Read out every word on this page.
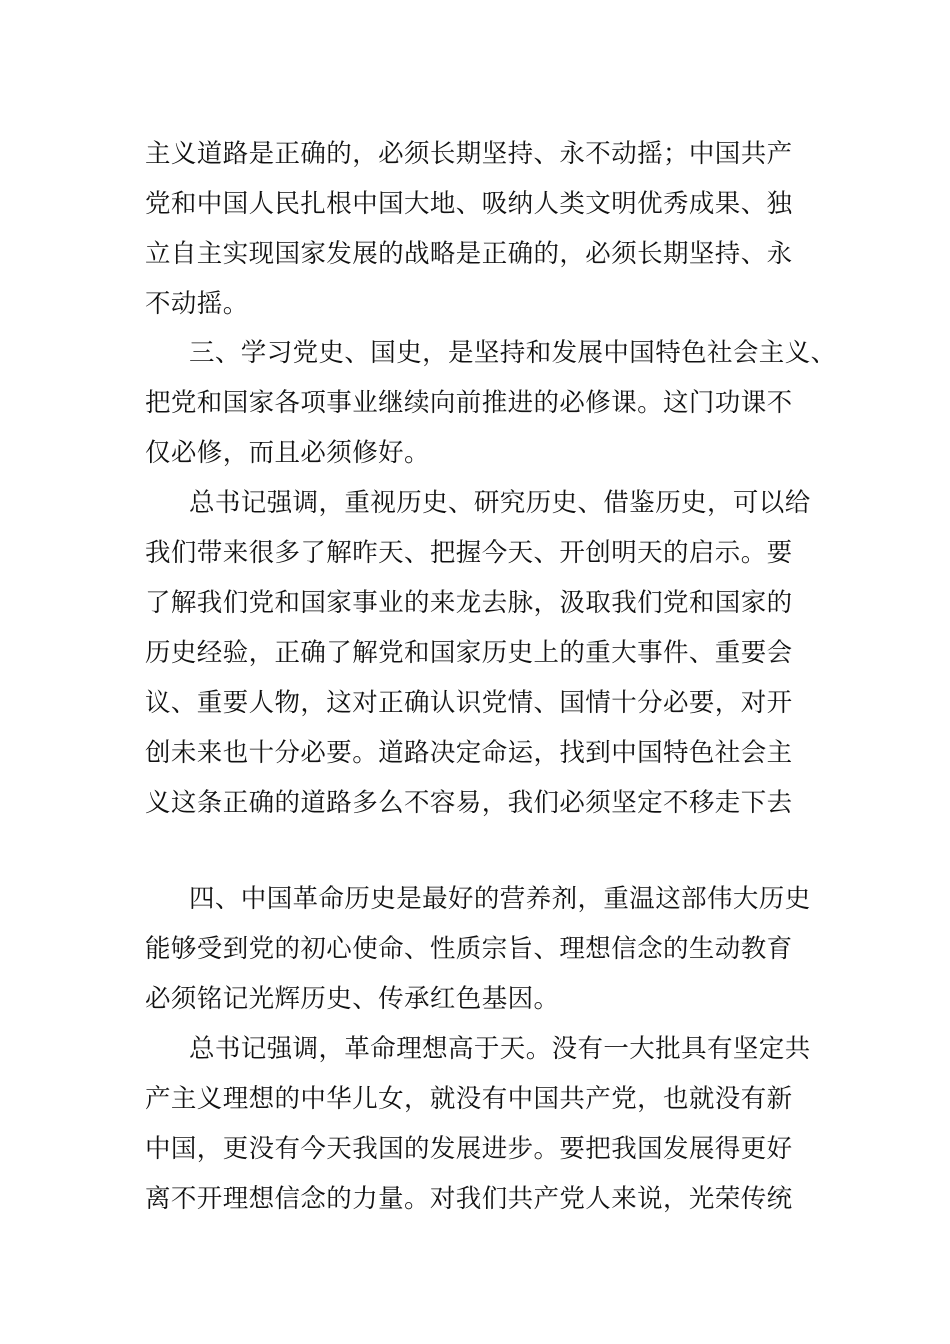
主义道路是正确的，必须长期坚持、永不动摇；中国共产
党和中国人民扎根中国大地、吸纳人类文明优秀成果、独
立自主实现国家发展的战略是正确的，必须长期坚持、永
不动摇。
三、学习党史、国史，是坚持和发展中国特色社会主义、
把党和国家各项事业继续向前推进的必修课。这门功课不
仅必修，而且必须修好。
总书记强调，重视历史、研究历史、借鉴历史，可以给
我们带来很多了解昨天、把握今天、开创明天的启示。要
了解我们党和国家事业的来龙去脉，汲取我们党和国家的
历史经验，正确了解党和国家历史上的重大事件、重要会
议、重要人物，这对正确认识党情、国情十分必要，对开
创未来也十分必要。道路决定命运，找到中国特色社会主
义这条正确的道路多么不容易，我们必须坚定不移走下去
四、中国革命历史是最好的营养剂，重温这部伟大历史
能够受到党的初心使命、性质宗旨、理想信念的生动教育
必须铭记光辉历史、传承红色基因。
总书记强调，革命理想高于天。没有一大批具有坚定共
产主义理想的中华儿女，就没有中国共产党，也就没有新
中国，更没有今天我国的发展进步。要把我国发展得更好
离不开理想信念的力量。对我们共产党人来说，光荣传统
